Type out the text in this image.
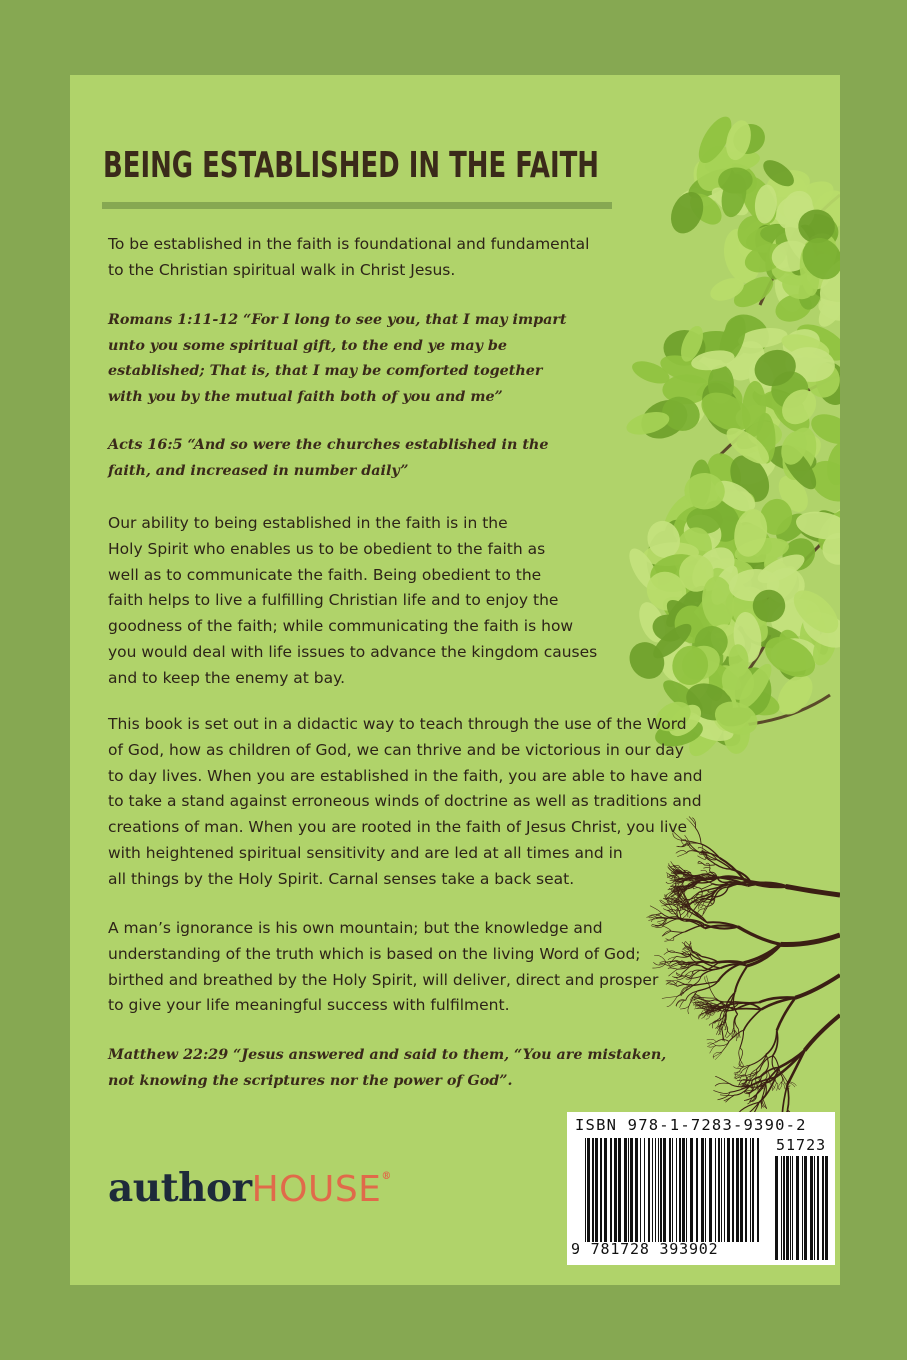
BEING ESTABLISHED IN THE FAITH

To be established in the faith is foundational and fundamental
to the Christian spiritual walk in Christ Jesus.

Romans 1:11-12 “For I long to see you, that I may impart
unto you some spiritual gift, to the end ye may be
established; That is, that I may be comforted together
with you by the mutual faith both of you and me”

Acts 16:5 “And so were the churches established in the
faith, and increased in number daily”

Our ability to being established in the faith is in the
Holy Spirit who enables us to be obedient to the faith as
well as to communicate the faith. Being obedient to the
faith helps to live a fulfilling Christian life and to enjoy the
goodness of the faith; while communicating the faith is how
you would deal with life issues to advance the kingdom causes
and to keep the enemy at bay.

This book is set out in a didactic way to teach through the use of the Word
of God, how as children of God, we can thrive and be victorious in our day
to day lives. When you are established in the faith, you are able to have and
to take a stand against erroneous winds of doctrine as well as traditions and
creations of man. When you are rooted in the faith of Jesus Christ, you live
with heightened spiritual sensitivity and are led at all times and in
all things by the Holy Spirit. Carnal senses take a back seat.

A man’s ignorance is his own mountain; but the knowledge and
understanding of the truth which is based on the living Word of God;
birthed and breathed by the Holy Spirit, will deliver, direct and prosper
to give your life meaningful success with fulfilment.

Matthew 22:29 “Jesus answered and said to them, “You are mistaken,
not knowing the scriptures nor the power of God”.

authorHOUSE®
ISBN 978-1-7283-9390-2
51723
9 781728 393902
